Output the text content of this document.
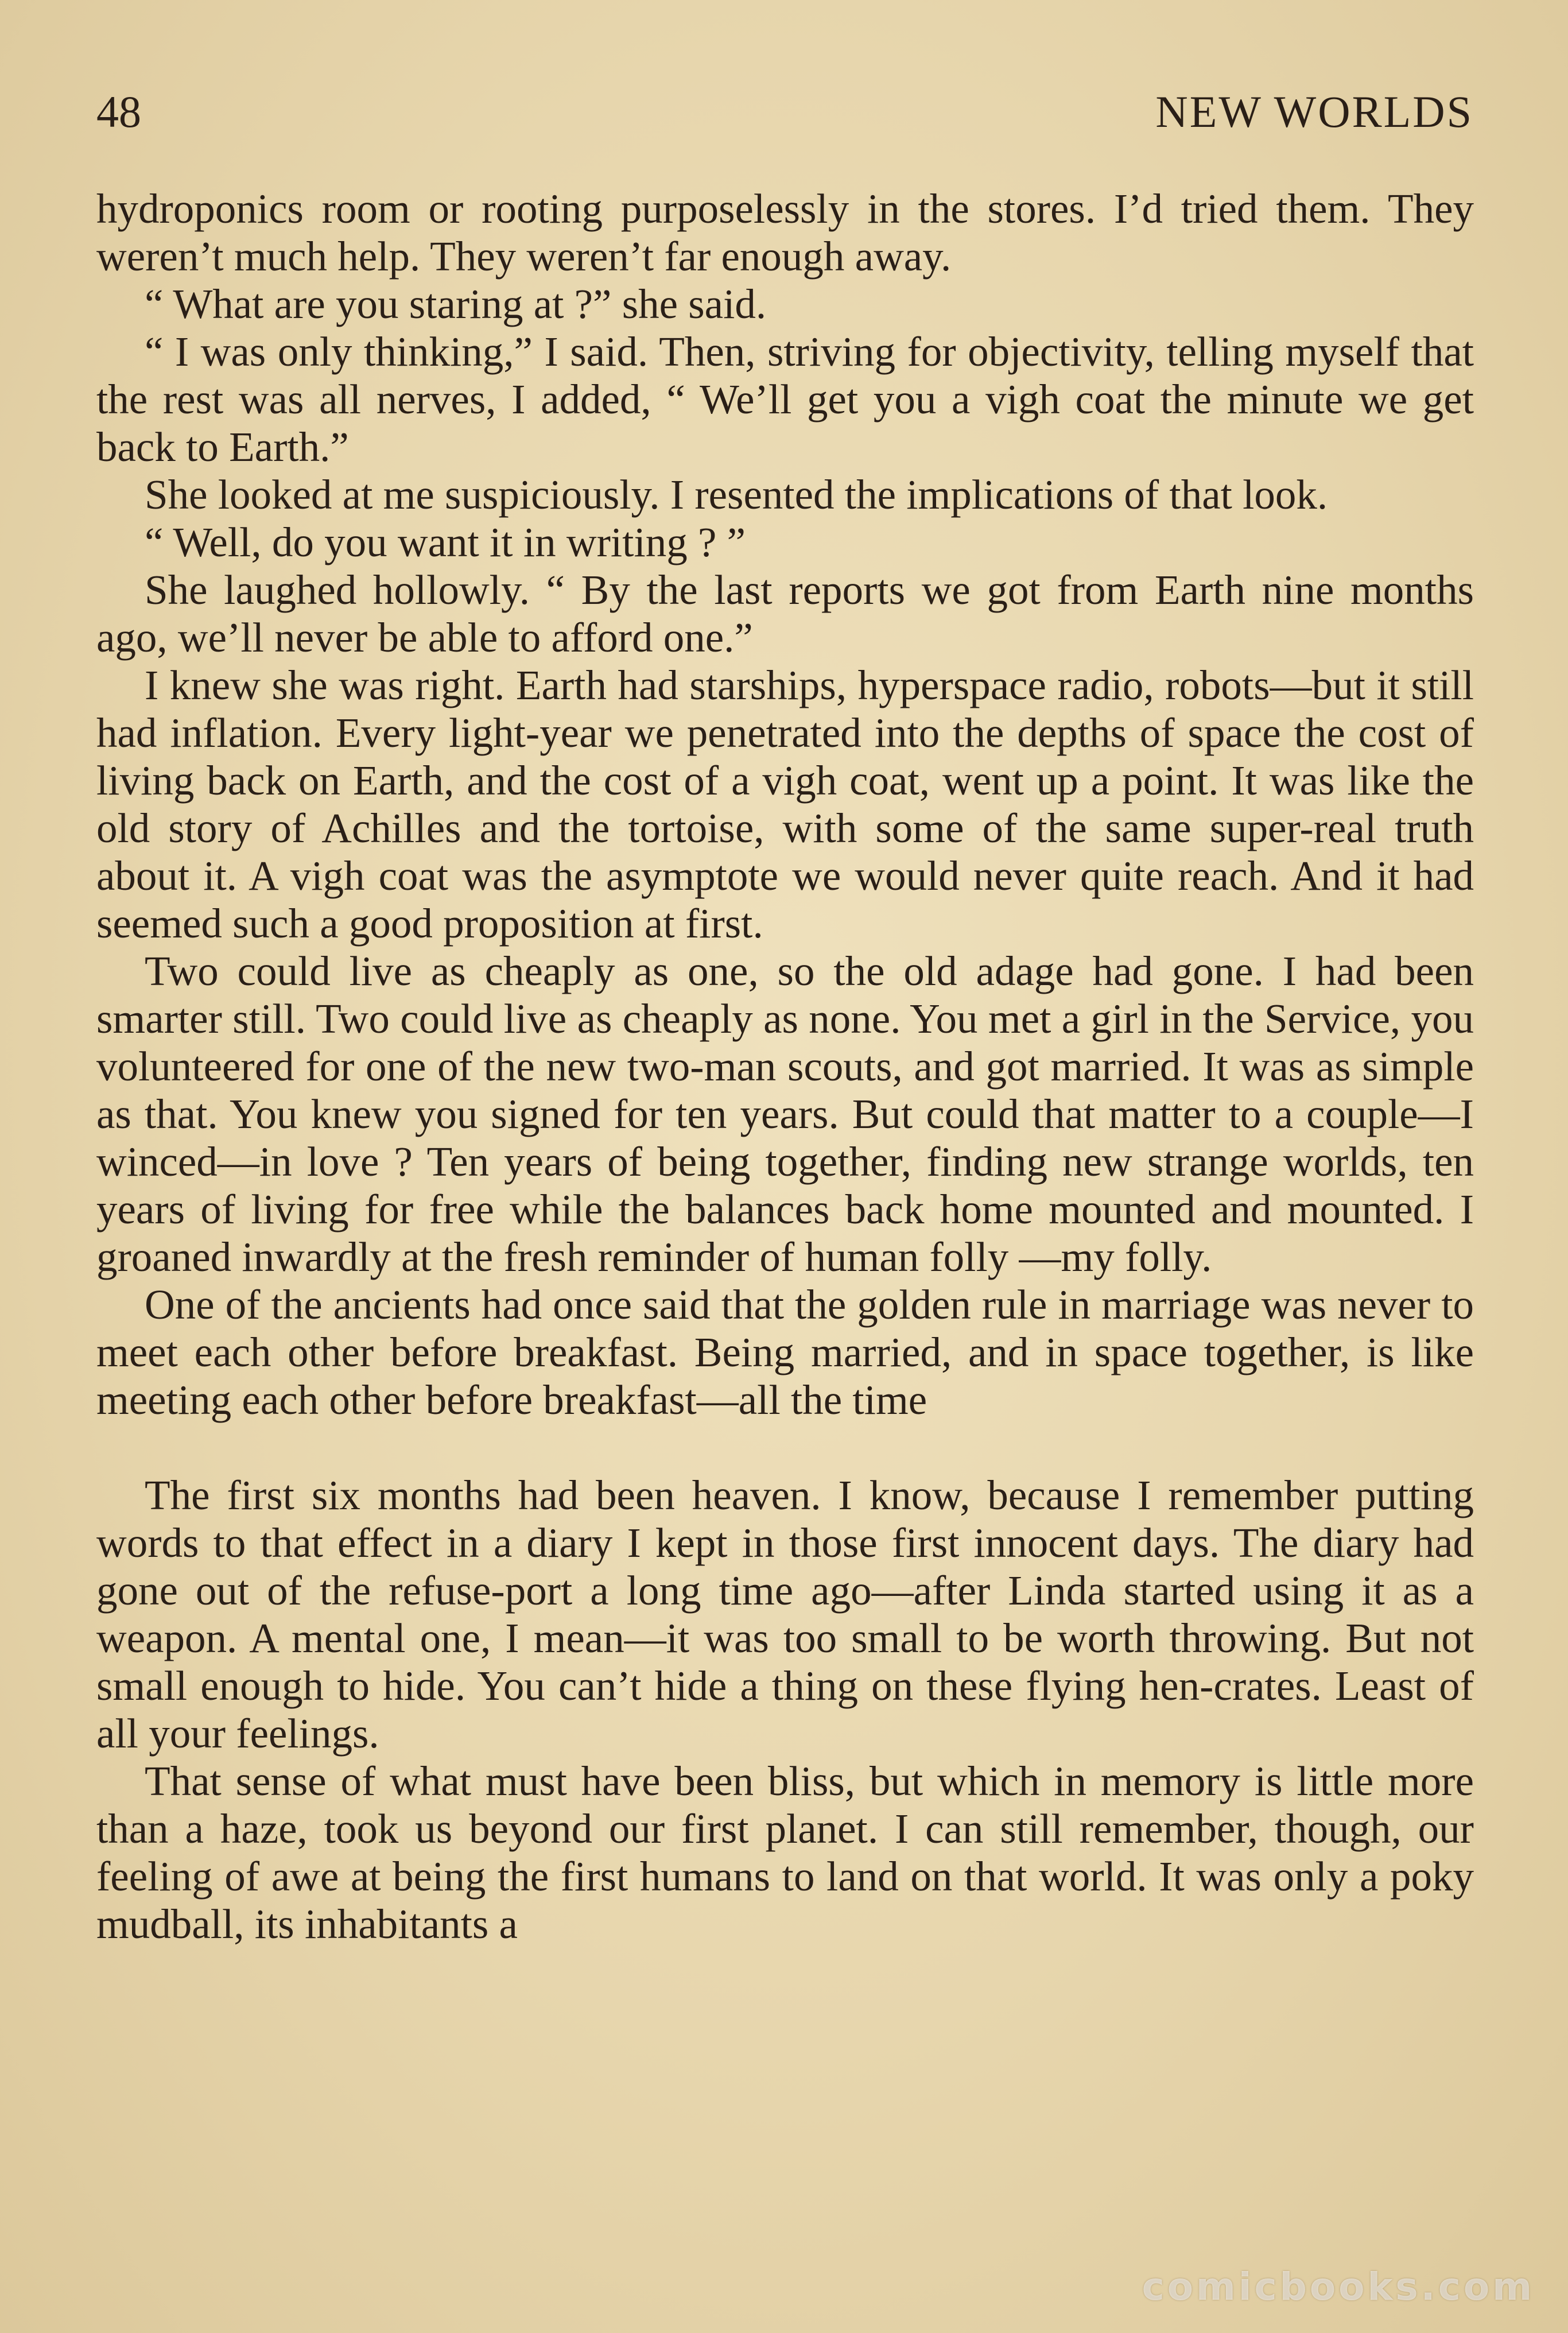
48	NEW WORLDS

hydroponics room or rooting purposelessly in the stores. I’d tried them. They weren’t much help. They weren’t far enough away.

“ What are you staring at ?” she said.

“ I was only thinking,” I said. Then, striving for objectivity, telling myself that the rest was all nerves, I added, “ We’ll get you a vigh coat the minute we get back to Earth.”

She looked at me suspiciously. I resented the implications of that look.

“ Well, do you want it in writing ? ”

She laughed hollowly. “ By the last reports we got from Earth nine months ago, we’ll never be able to afford one.”

I knew she was right. Earth had starships, hyperspace radio, robots—but it still had inflation. Every light-year we penetrated into the depths of space the cost of living back on Earth, and the cost of a vigh coat, went up a point. It was like the old story of Achilles and the tortoise, with some of the same super-real truth about it. A vigh coat was the asymptote we would never quite reach. And it had seemed such a good proposition at first.

Two could live as cheaply as one, so the old adage had gone. I had been smarter still. Two could live as cheaply as none. You met a girl in the Service, you volunteered for one of the new two-man scouts, and got married. It was as simple as that. You knew you signed for ten years. But could that matter to a couple—I winced—in love ? Ten years of being together, finding new strange worlds, ten years of living for free while the balances back home mounted and mounted. I groaned inwardly at the fresh reminder of human folly —my folly.

One of the ancients had once said that the golden rule in marriage was never to meet each other before breakfast. Being married, and in space together, is like meeting each other before breakfast—all the time

The first six months had been heaven. I know, because I remember putting words to that effect in a diary I kept in those first innocent days. The diary had gone out of the refuse-port a long time ago—after Linda started using it as a weapon. A mental one, I mean—it was too small to be worth throwing. But not small enough to hide. You can’t hide a thing on these flying hen-crates. Least of all your feelings.

That sense of what must have been bliss, but which in memory is little more than a haze, took us beyond our first planet. I can still remember, though, our feeling of awe at being the first humans to land on that world. It was only a poky mudball, its inhabitants a

comicbooks.com
